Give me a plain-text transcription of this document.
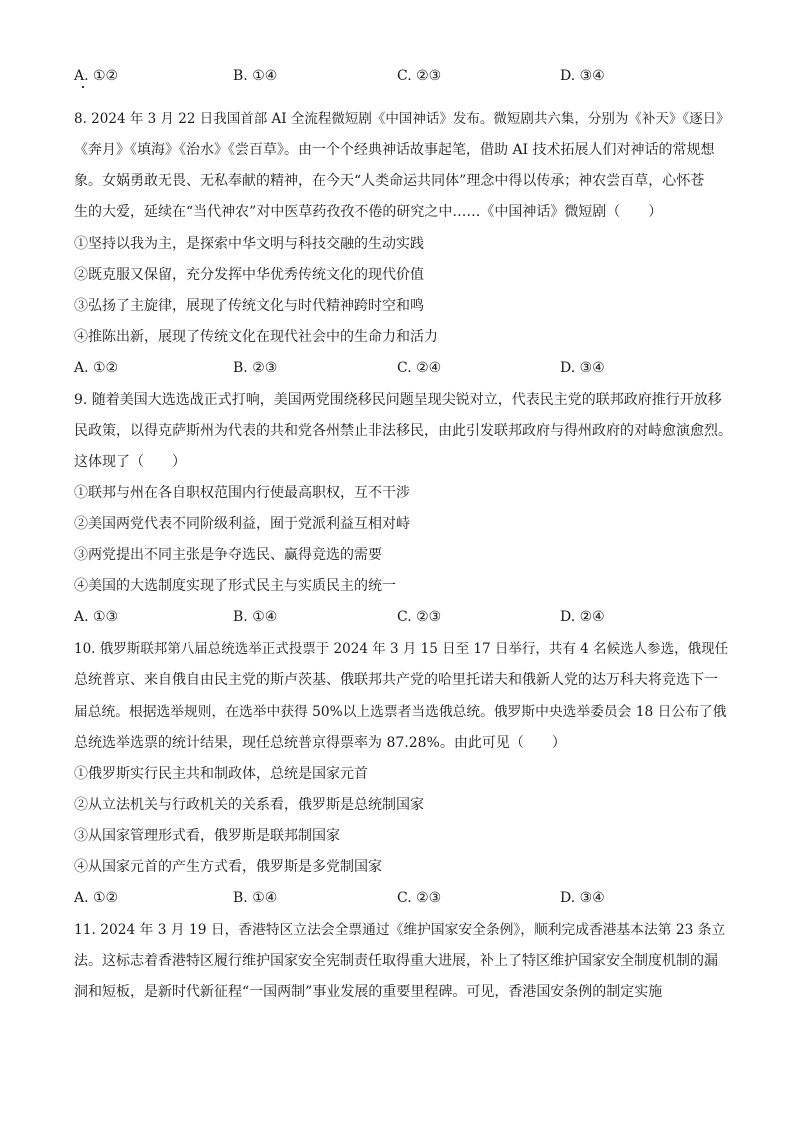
A. ①②	B. ①④	C. ②③	D. ③④
8. 2024 年 3 月 22 日我国首部 AI 全流程微短剧《中国神话》发布。微短剧共六集，分别为《补天》《逐日》
《奔月》《填海》《治水》《尝百草》。由一个个经典神话故事起笔，借助 AI 技术拓展人们对神话的常规想
象。女娲勇敢无畏、无私奉献的精神，在今天“人类命运共同体”理念中得以传承；神农尝百草，心怀苍
生的大爱，延续在“当代神农”对中医草药孜孜不倦的研究之中……《中国神话》微短剧（　　）
①坚持以我为主，是探索中华文明与科技交融的生动实践
②既克服又保留，充分发挥中华优秀传统文化的现代价值
③弘扬了主旋律，展现了传统文化与时代精神跨时空和鸣
④推陈出新，展现了传统文化在现代社会中的生命力和活力
A. ①②	B. ②③	C. ②④	D. ③④
9. 随着美国大选选战正式打响，美国两党围绕移民问题呈现尖锐对立，代表民主党的联邦政府推行开放移
民政策，以得克萨斯州为代表的共和党各州禁止非法移民，由此引发联邦政府与得州政府的对峙愈演愈烈。
这体现了（　　）
①联邦与州在各自职权范围内行使最高职权，互不干涉
②美国两党代表不同阶级利益，囿于党派利益互相对峙
③两党提出不同主张是争夺选民、赢得竞选的需要
④美国的大选制度实现了形式民主与实质民主的统一
A. ①③	B. ①④	C. ②③	D. ②④
10. 俄罗斯联邦第八届总统选举正式投票于 2024 年 3 月 15 日至 17 日举行，共有 4 名候选人参选，俄现任
总统普京、来自俄自由民主党的斯卢茨基、俄联邦共产党的哈里托诺夫和俄新人党的达万科夫将竞选下一
届总统。根据选举规则，在选举中获得 50%以上选票者当选俄总统。俄罗斯中央选举委员会 18 日公布了俄
总统选举选票的统计结果，现任总统普京得票率为 87.28%。由此可见（　　）
①俄罗斯实行民主共和制政体，总统是国家元首
②从立法机关与行政机关的关系看，俄罗斯是总统制国家
③从国家管理形式看，俄罗斯是联邦制国家
④从国家元首的产生方式看，俄罗斯是多党制国家
A. ①②	B. ①④	C. ②③	D. ③④
11. 2024 年 3 月 19 日，香港特区立法会全票通过《维护国家安全条例》，顺利完成香港基本法第 23 条立
法。这标志着香港特区履行维护国家安全宪制责任取得重大进展，补上了特区维护国家安全制度机制的漏
洞和短板，是新时代新征程“一国两制”事业发展的重要里程碑。可见，香港国安条例的制定实施
